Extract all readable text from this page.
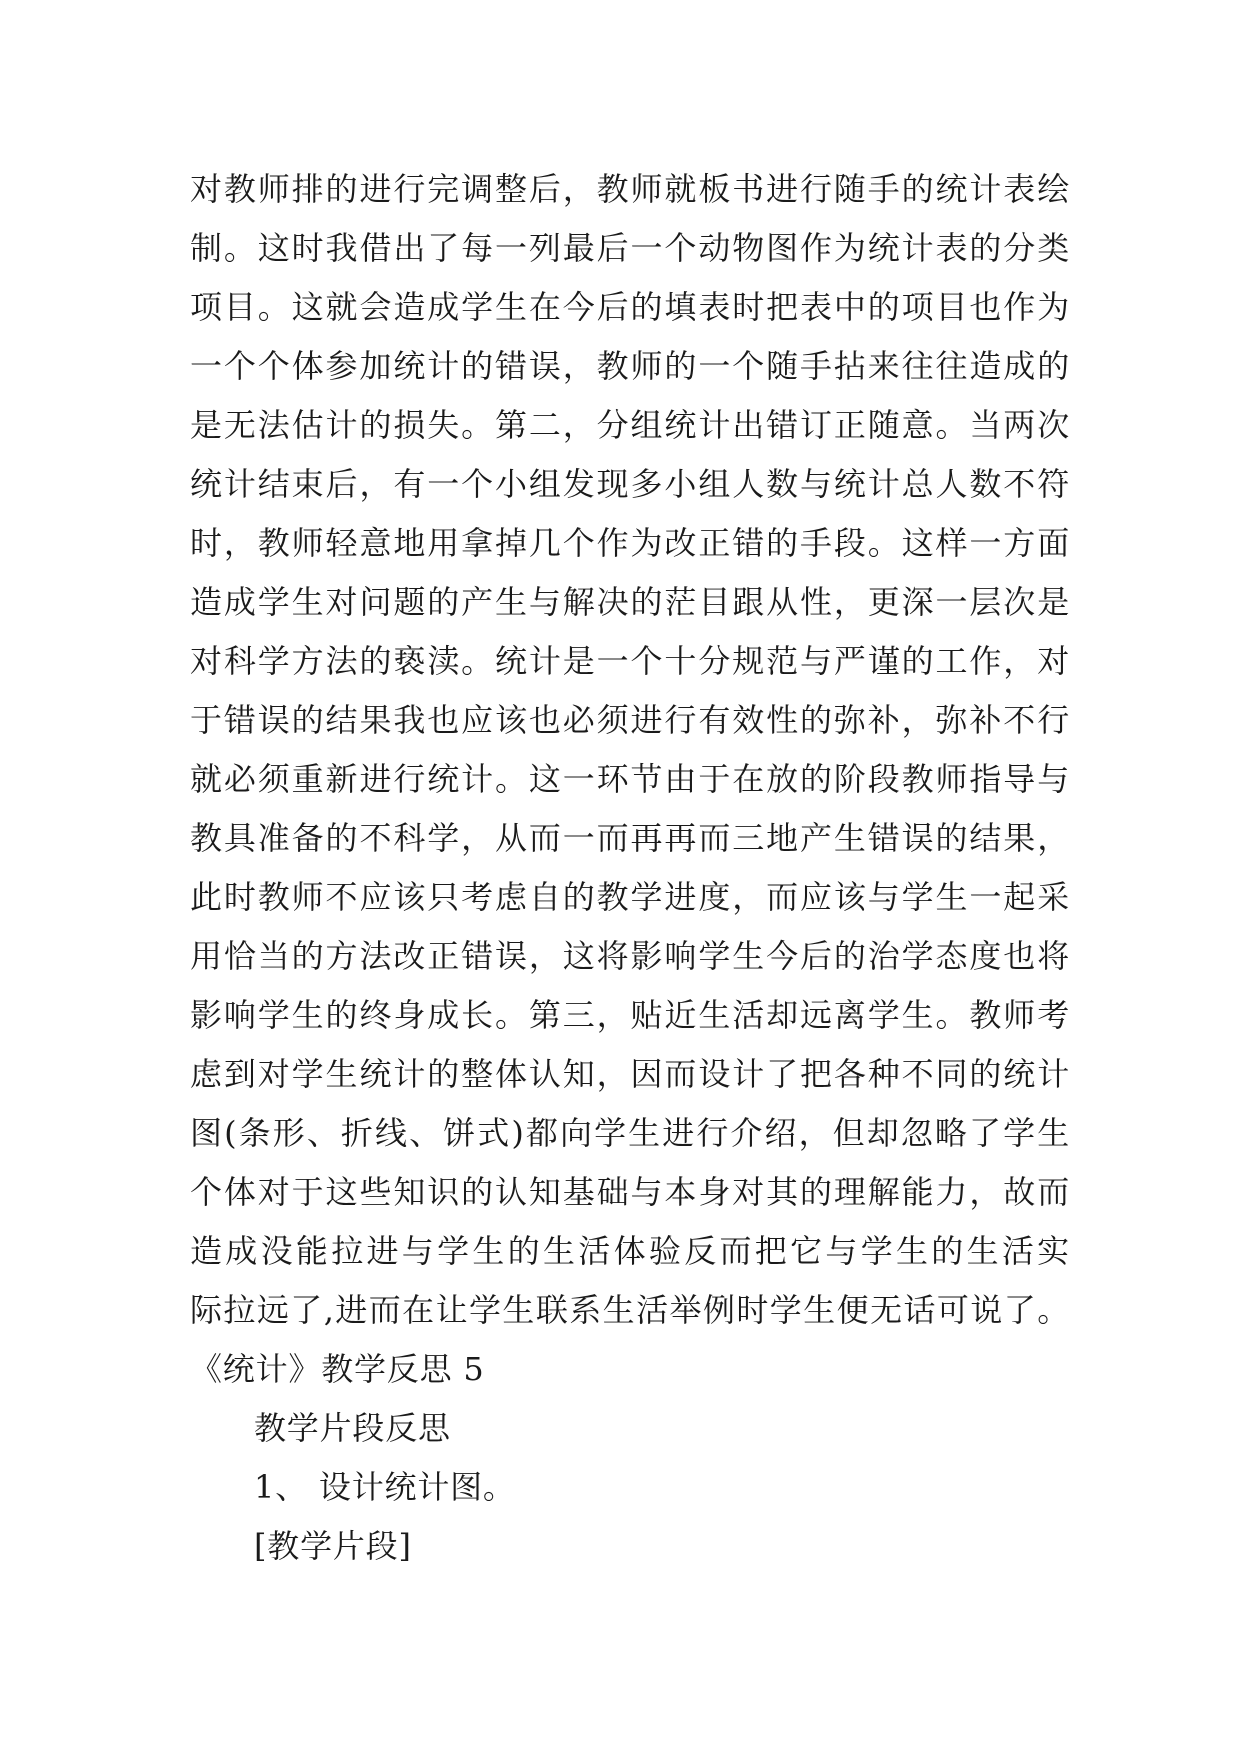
对教师排的进行完调整后，教师就板书进行随手的统计表绘
制。这时我借出了每一列最后一个动物图作为统计表的分类
项目。这就会造成学生在今后的填表时把表中的项目也作为
一个个体参加统计的错误，教师的一个随手拈来往往造成的
是无法估计的损失。第二，分组统计出错订正随意。当两次
统计结束后，有一个小组发现多小组人数与统计总人数不符
时，教师轻意地用拿掉几个作为改正错的手段。这样一方面
造成学生对问题的产生与解决的茫目跟从性，更深一层次是
对科学方法的亵渎。统计是一个十分规范与严谨的工作，对
于错误的结果我也应该也必须进行有效性的弥补，弥补不行
就必须重新进行统计。这一环节由于在放的阶段教师指导与
教具准备的不科学，从而一而再再而三地产生错误的结果，
此时教师不应该只考虑自的教学进度，而应该与学生一起采
用恰当的方法改正错误，这将影响学生今后的治学态度也将
影响学生的终身成长。第三，贴近生活却远离学生。教师考
虑到对学生统计的整体认知，因而设计了把各种不同的统计
图(条形、折线、饼式)都向学生进行介绍，但却忽略了学生
个体对于这些知识的认知基础与本身对其的理解能力，故而
造成没能拉进与学生的生活体验反而把它与学生的生活实
际拉远了,进而在让学生联系生活举例时学生便无话可说了。
《统计》教学反思 5
教学片段反思
1、 设计统计图。
[教学片段]
